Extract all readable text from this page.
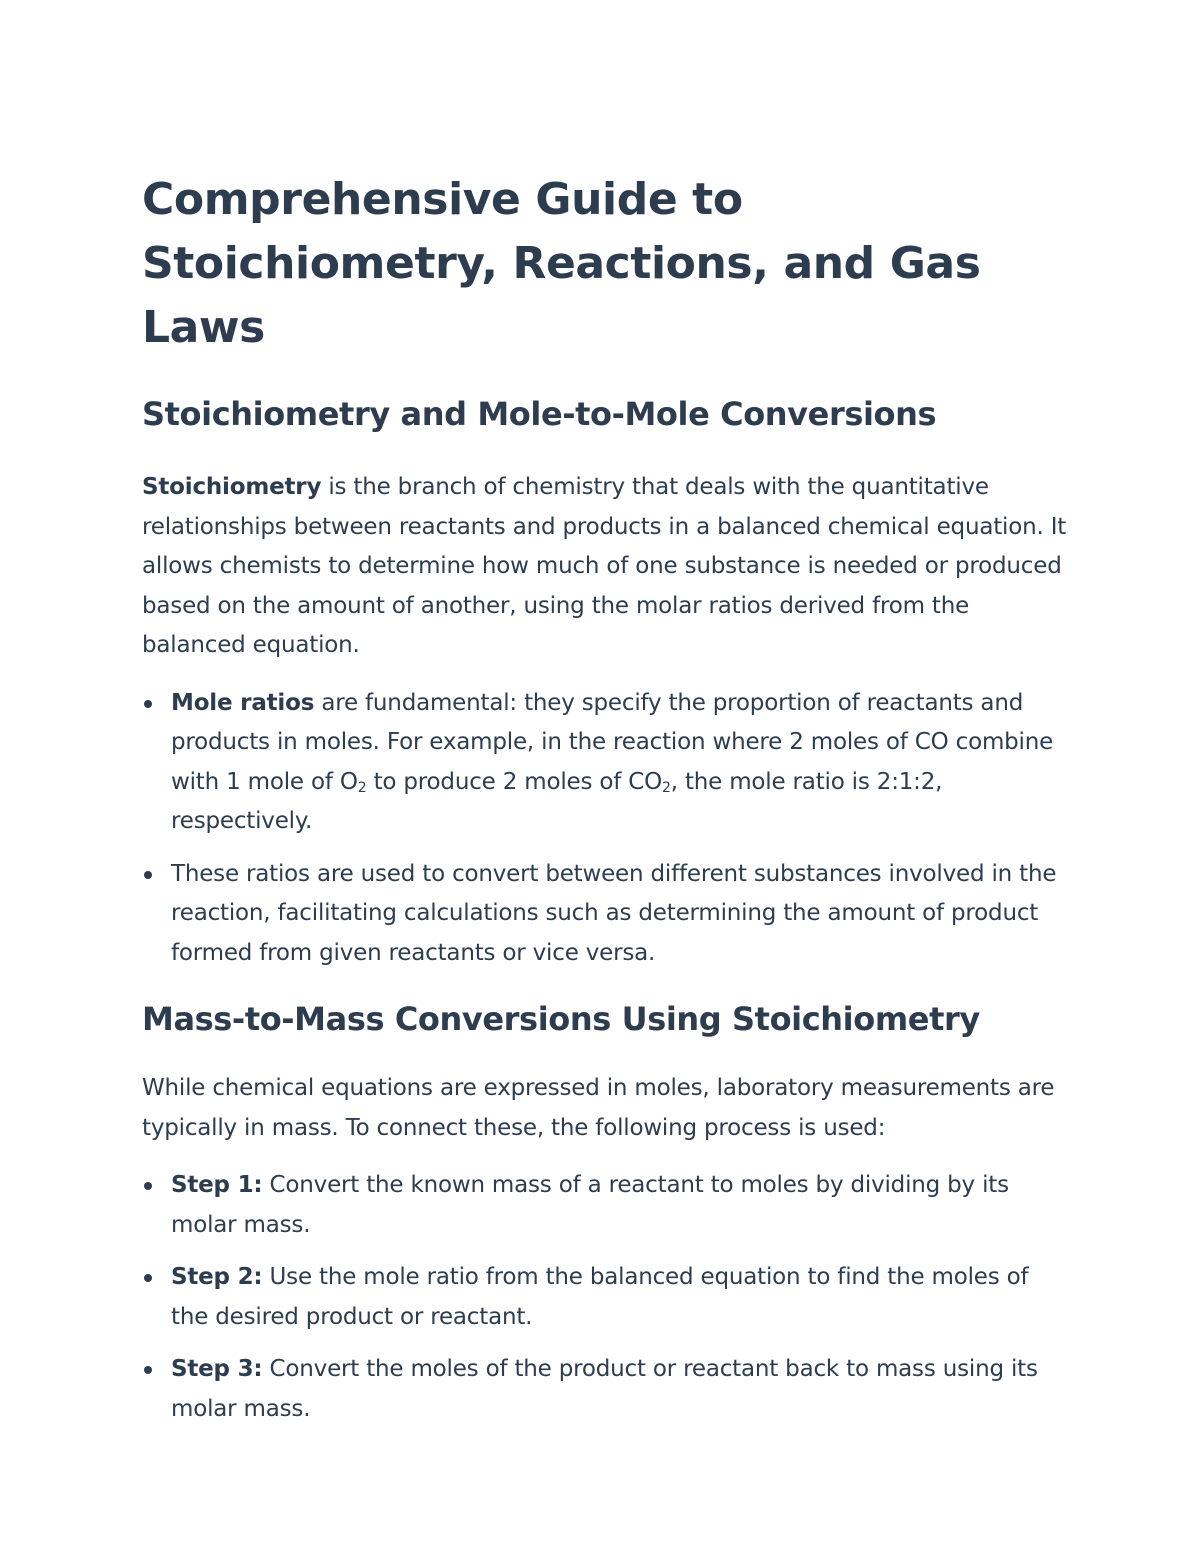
Comprehensive Guide to
Stoichiometry, Reactions, and Gas Laws
Stoichiometry and Mole-to-Mole Conversions

Stoichiometry is the branch of chemistry that deals with the quantitative relationships between reactants and products in a balanced chemical equation. It allows chemists to determine how much of one substance is needed or produced based on the amount of another, using the molar ratios derived from the balanced equation.

Mole ratios are fundamental: they specify the proportion of reactants and products in moles. For example, in the reaction where 2 moles of CO combine with 1 mole of $O_2$ to produce 2 moles of $CO_2$, the mole ratio is 2:1:2, respectively.
These ratios are used to convert between different substances involved in the reaction, facilitating calculations such as determining the amount of product formed from given reactants or vice versa.
Mass-to-Mass Conversions Using Stoichiometry

While chemical equations are expressed in moles, laboratory measurements are typically in mass. To connect these, the following process is used:

Step 1: Convert the known mass of a reactant to moles by dividing by its molar mass.
Step 2: Use the mole ratio from the balanced equation to find the moles of the desired product or reactant.
Step 3: Convert the moles of the product or reactant back to mass using its molar mass.
